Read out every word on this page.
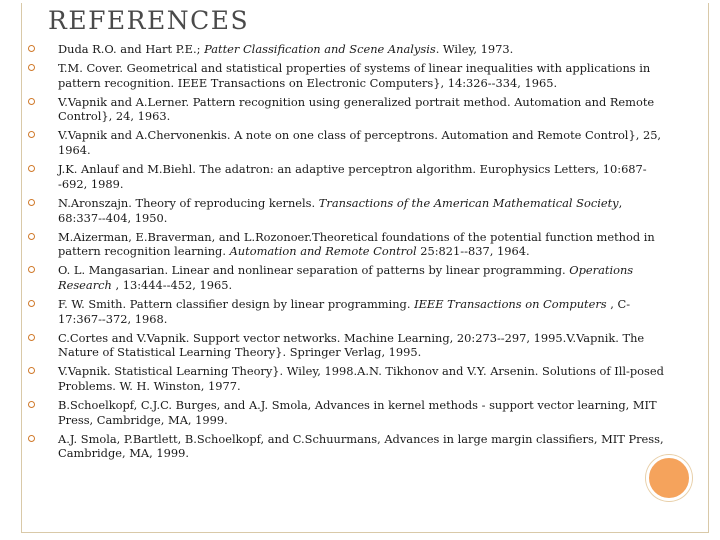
REFERENCES
Duda R.O. and Hart P.E.; Patter Classification and Scene Analysis. Wiley, 1973.
T.M. Cover. Geometrical and statistical properties of systems of linear inequalities with applications in pattern recognition. IEEE Transactions on Electronic Computers}, 14:326--334, 1965.
V.Vapnik and A.Lerner. Pattern recognition using generalized portrait method. Automation and Remote Control}, 24, 1963.
V.Vapnik and A.Chervonenkis. A note on one class of perceptrons. Automation and Remote Control}, 25, 1964.
J.K. Anlauf and M.Biehl. The adatron: an adaptive perceptron algorithm. Europhysics Letters, 10:687--692, 1989.
N.Aronszajn. Theory of reproducing kernels. Transactions of the American Mathematical Society, 68:337--404, 1950.
M.Aizerman, E.Braverman, and L.Rozonoer.Theoretical foundations of the potential function method in pattern recognition learning. Automation and Remote Control 25:821--837, 1964.
O. L. Mangasarian. Linear and nonlinear separation of patterns by linear programming. Operations Research , 13:444--452, 1965.
F. W. Smith. Pattern classifier design by linear programming. IEEE Transactions on Computers , C-17:367--372, 1968.
C.Cortes and V.Vapnik. Support vector networks. Machine Learning, 20:273--297, 1995.V.Vapnik. The Nature of Statistical Learning Theory}. Springer Verlag, 1995.
V.Vapnik. Statistical Learning Theory}. Wiley, 1998.A.N. Tikhonov and V.Y. Arsenin. Solutions of Ill-posed Problems. W. H. Winston, 1977.
B.Schoelkopf, C.J.C. Burges, and A.J. Smola, Advances in kernel methods - support vector learning, MIT Press, Cambridge, MA, 1999.
A.J. Smola, P.Bartlett, B.Schoelkopf, and C.Schuurmans, Advances in large margin classifiers, MIT Press, Cambridge, MA, 1999.
